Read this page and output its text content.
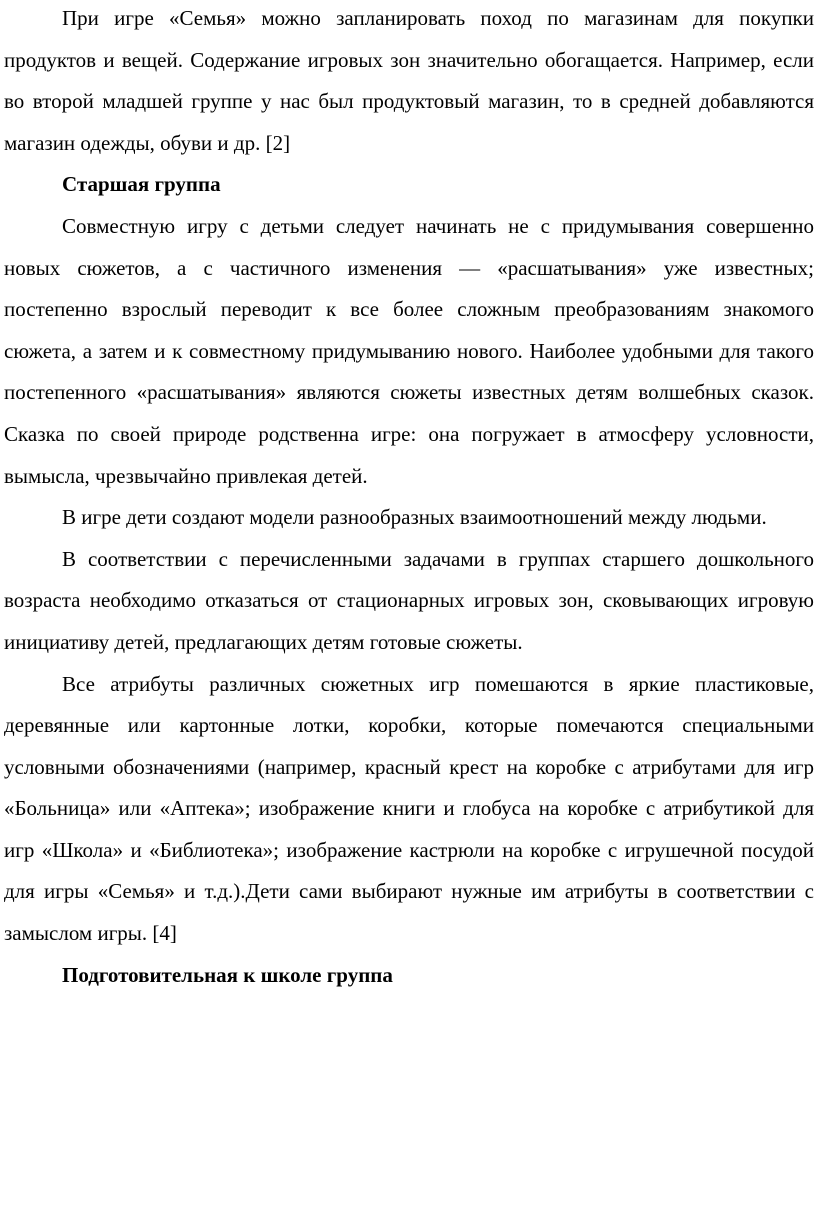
При игре «Семья» можно запланировать поход по магазинам для покупки продуктов и вещей. Содержание игровых зон значительно обогащается. Например, если во второй младшей группе у нас был продуктовый магазин, то в средней добавляются магазин одежды, обуви и др. [2]

Старшая группа

Совместную игру с детьми следует начинать не с придумывания совершенно новых сюжетов, а с частичного изменения — «расшатывания» уже известных; постепенно взрослый переводит к все более сложным преобразованиям знакомого сюжета, а затем и к совместному придумыванию нового. Наиболее удобными для такого постепенного «расшатывания» являются сюжеты известных детям волшебных сказок. Сказка по своей природе родственна игре: она погружает в атмосферу условности, вымысла, чрезвычайно привлекая детей.

В игре дети создают модели разнообразных взаимоотношений между людьми.

В соответствии с перечисленными задачами в группах старшего дошкольного возраста необходимо отказаться от стационарных игровых зон, сковывающих игровую инициативу детей, предлагающих детям готовые сюжеты.

Все атрибуты различных сюжетных игр помешаются в яркие пластиковые, деревянные или картонные лотки, коробки, которые помечаются специальными условными обозначениями (например, красный крест на коробке с атрибутами для игр «Больница» или «Аптека»; изображение книги и глобуса на коробке с атрибутикой для игр «Школа» и «Библиотека»; изображение кастрюли на коробке с игрушечной посудой для игры «Семья» и т.д.).Дети сами выбирают нужные им атрибуты в соответствии с замыслом игры. [4]

Подготовительная к школе группа
